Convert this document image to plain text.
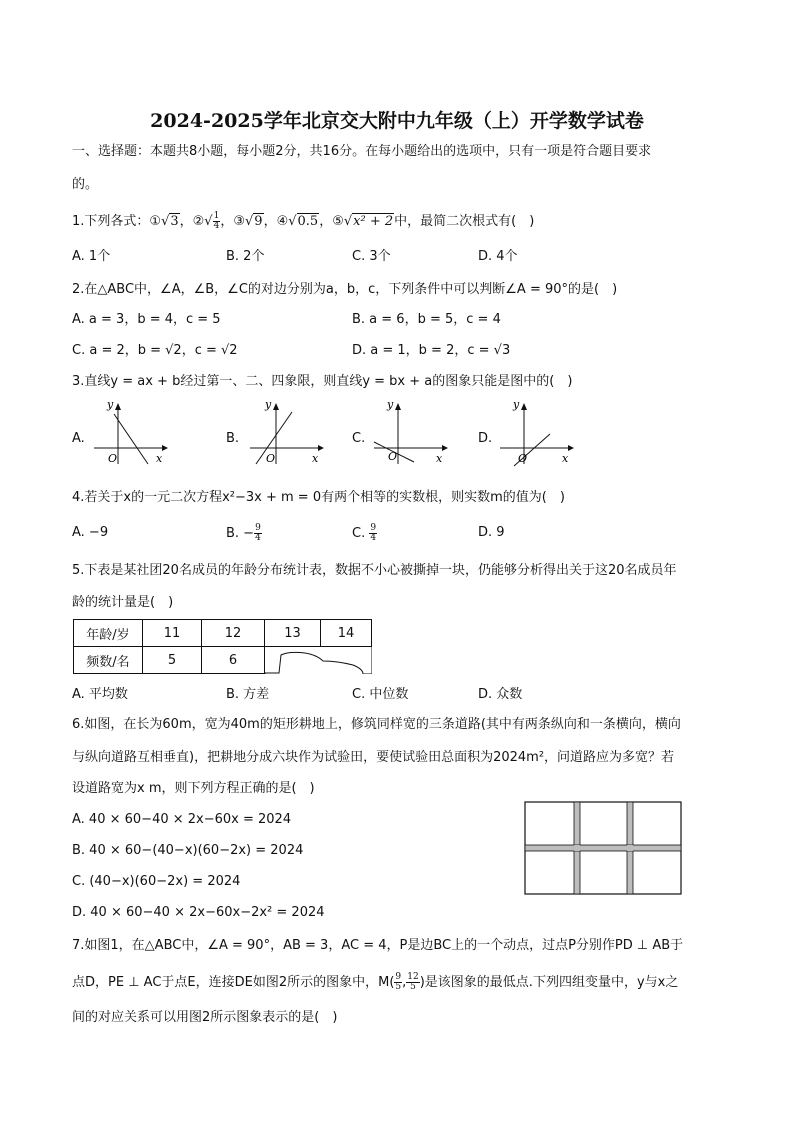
2024-2025学年北京交大附中九年级（上）开学数学试卷
一、选择题：本题共8小题，每小题2分，共16分。在每小题给出的选项中，只有一项是符合题目要求
的。
1.下列各式：①√3，②√ $\frac{1}{4}$ ，③√9，④√0.5，⑤√x² + 2中，最简二次根式有(　)
A. 1个	B. 2个	C. 3个	D. 4个
2.在△ABC中，∠A，∠B，∠C的对边分别为a，b，c，下列条件中可以判断∠A = 90°的是(　)
A. a = 3，b = 4，c = 5	B. a = 6，b = 5，c = 4
C. a = 2，b = √2，c = √2	D. a = 1，b = 2，c = √3
3.直线y = ax + b经过第一、二、四象限，则直线y = bx + a的图象只能是图中的(　)
A.	B.	C.	D.
y
x
O
y
x
O
y
x
O
y
x
O
4.若关于x的一元二次方程x²−3x + m = 0有两个相等的实数根，则实数m的值为(　)
A. −9	B. − $\frac{9}{4}$	C. $\frac{9}{4}$	D. 9
5.下表是某社团20名成员的年龄分布统计表，数据不小心被撕掉一块，仍能够分析得出关于这20名成员年
龄的统计量是(　)
年龄/岁	11	12	13	14
频数/名	5	6	
A. 平均数	B. 方差	C. 中位数	D. 众数
6.如图，在长为60m，宽为40m的矩形耕地上，修筑同样宽的三条道路(其中有两条纵向和一条横向，横向
与纵向道路互相垂直)，把耕地分成六块作为试验田，要使试验田总面积为2024m²，问道路应为多宽？若
设道路宽为x m，则下列方程正确的是(　)
A. 40 × 60−40 × 2x−60x = 2024
B. 40 × 60−(40−x)(60−2x) = 2024
C. (40−x)(60−2x) = 2024
D. 40 × 60−40 × 2x−60x−2x² = 2024
7.如图1，在△ABC中，∠A = 90°，AB = 3，AC = 4，P是边BC上的一个动点，过点P分别作PD ⊥ AB于
点D，PE ⊥ AC于点E，连接DE如图2所示的图象中，$M( \frac{9}{5}$ , $\frac{12}{5}$ )是该图象的最低点.下列四组变量中，y与x之
间的对应关系可以用图2所示图象表示的是(　)
